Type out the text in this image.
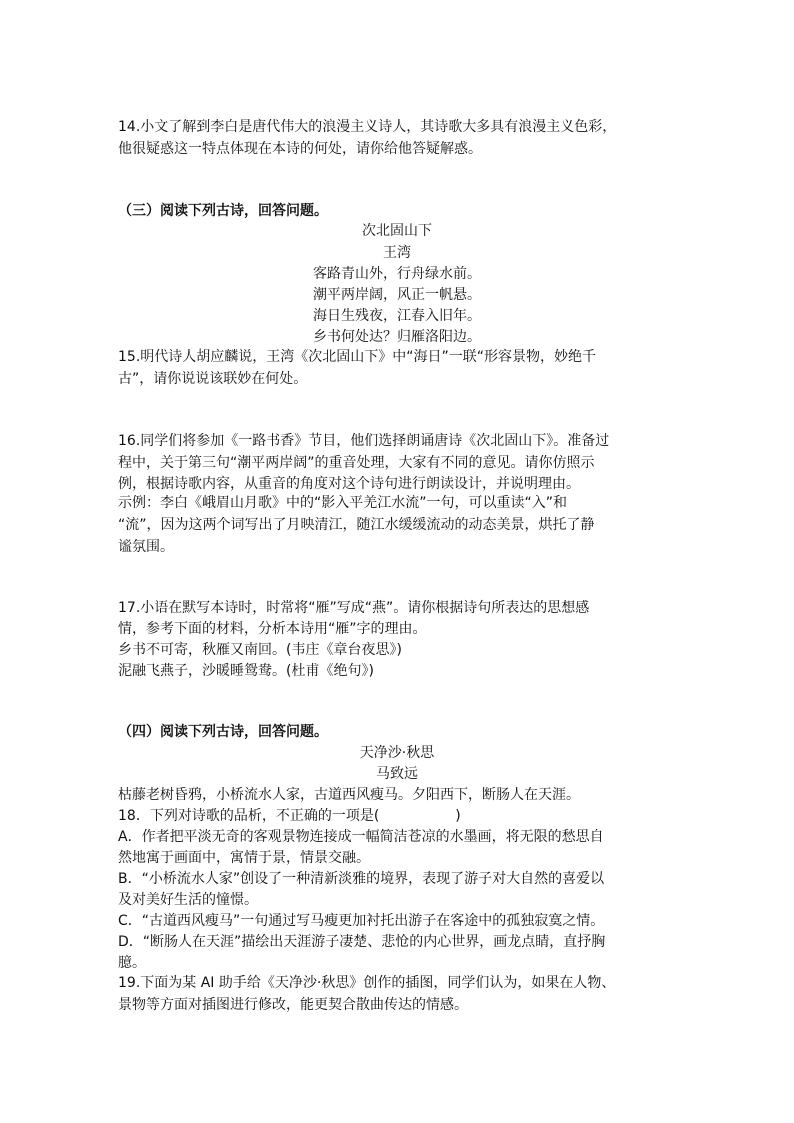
14.小文了解到李白是唐代伟大的浪漫主义诗人，其诗歌大多具有浪漫主义色彩，
他很疑惑这一特点体现在本诗的何处，请你给他答疑解惑。
（三）阅读下列古诗，回答问题。
次北固山下
王湾
客路青山外，行舟绿水前。
潮平两岸阔，风正一帆悬。
海日生残夜，江春入旧年。
乡书何处达？归雁洛阳边。
15.明代诗人胡应麟说，王湾《次北固山下》中“海日”一联“形容景物，妙绝千
古”，请你说说该联妙在何处。
16.同学们将参加《一路书香》节目，他们选择朗诵唐诗《次北固山下》。准备过
程中，关于第三句“潮平两岸阔”的重音处理，大家有不同的意见。请你仿照示
例，根据诗歌内容，从重音的角度对这个诗句进行朗读设计，并说明理由。
示例：李白《峨眉山月歌》中的“影入平羌江水流”一句，可以重读“入”和
“流”，因为这两个词写出了月映清江，随江水缓缓流动的动态美景，烘托了静
谧氛围。
17.小语在默写本诗时，时常将“雁”写成“燕”。请你根据诗句所表达的思想感
情，参考下面的材料，分析本诗用“雁”字的理由。
乡书不可寄，秋雁又南回。(韦庄《章台夜思》)
泥融飞燕子，沙暖睡鸳鸯。(杜甫《绝句》)
（四）阅读下列古诗，回答问题。
天净沙·秋思
马致远
枯藤老树昏鸦，小桥流水人家，古道西风瘦马。夕阳西下，断肠人在天涯。
18．下列对诗歌的品析，不正确的一项是(	)
A．作者把平淡无奇的客观景物连接成一幅简洁苍凉的水墨画，将无限的愁思自
然地寓于画面中，寓情于景，情景交融。
B．“小桥流水人家”创设了一种清新淡雅的境界，表现了游子对大自然的喜爱以
及对美好生活的憧憬。
C．“古道西风瘦马”一句通过写马瘦更加衬托出游子在客途中的孤独寂寞之情。
D．“断肠人在天涯”描绘出天涯游子凄楚、悲怆的内心世界，画龙点睛，直抒胸
臆。
19.下面为某 AI 助手给《天净沙·秋思》创作的插图，同学们认为，如果在人物、
景物等方面对插图进行修改，能更契合散曲传达的情感。
